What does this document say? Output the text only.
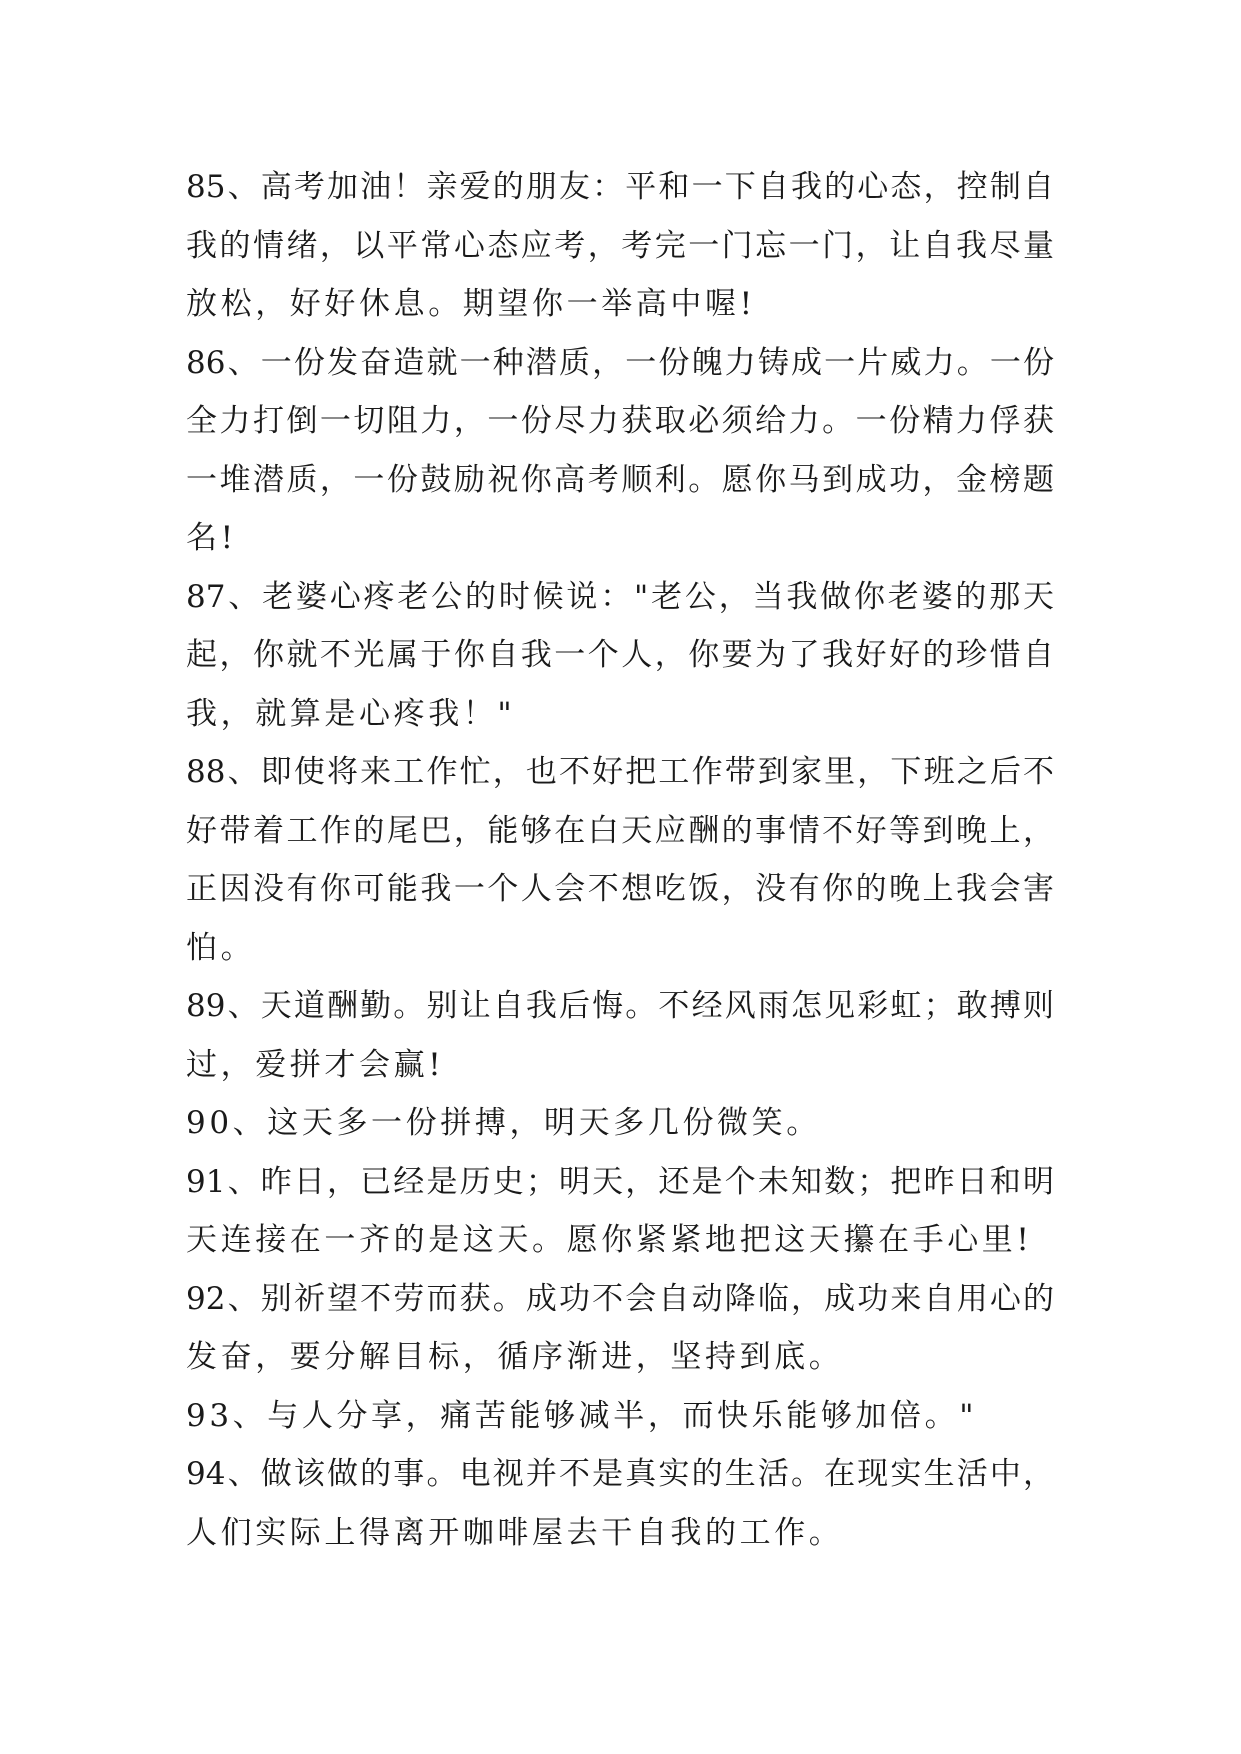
85、高考加油！亲爱的朋友：平和一下自我的心态，控制自
我的情绪，以平常心态应考，考完一门忘一门，让自我尽量
放松，好好休息。期望你一举高中喔!
86、一份发奋造就一种潜质，一份魄力铸成一片威力。一份
全力打倒一切阻力，一份尽力获取必须给力。一份精力俘获
一堆潜质，一份鼓励祝你高考顺利。愿你马到成功，金榜题
名!
87、老婆心疼老公的时候说："老公，当我做你老婆的那天
起，你就不光属于你自我一个人，你要为了我好好的珍惜自
我，就算是心疼我！"
88、即使将来工作忙，也不好把工作带到家里，下班之后不
好带着工作的尾巴，能够在白天应酬的事情不好等到晚上，
正因没有你可能我一个人会不想吃饭，没有你的晚上我会害
怕。
89、天道酬勤。别让自我后悔。不经风雨怎见彩虹；敢搏则
过，爱拼才会赢!
90、这天多一份拼搏，明天多几份微笑。
91、昨日，已经是历史；明天，还是个未知数；把昨日和明
天连接在一齐的是这天。愿你紧紧地把这天攥在手心里!
92、别祈望不劳而获。成功不会自动降临，成功来自用心的
发奋，要分解目标，循序渐进，坚持到底。
93、与人分享，痛苦能够减半，而快乐能够加倍。"
94、做该做的事。电视并不是真实的生活。在现实生活中，
人们实际上得离开咖啡屋去干自我的工作。
